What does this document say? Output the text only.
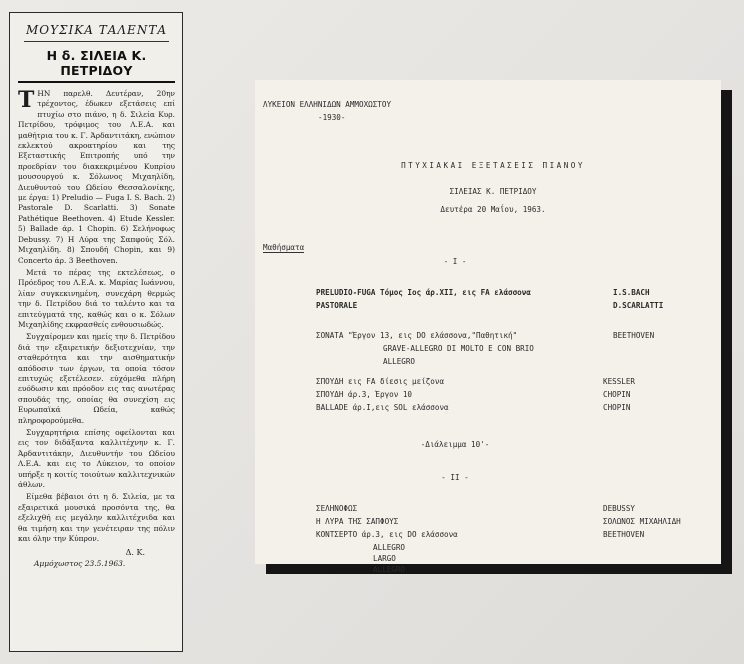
ΜΟΥΣΙΚΑ ΤΑΛΕΝΤΑ
Η δ. ΣΙΛΕΙΑ Κ. ΠΕΤΡΙΔΟΥ

ΤΗΝ παρελθ. Δευτέραν, 20ην τρέχοντος, έδωκεν εξετάσεις επί πτυχίω στο πιάνο, η δ. Σιλεία Κυρ. Πετρίδου, τρόφιμος του Λ.Ε.Α. και μαθήτρια του κ. Γ. Άρδαντιτάκη, ενώπιον εκλεκτού ακροατηρίου και της Εξεταστικής Επιτροπής υπό την προεδρίαν του διακεκριμένου Κυπρίου μουσουργού κ. Σόλωνος Μιχαηλίδη, Διευθυντού του Ωδείου Θεσσαλονίκης, με έργα: 1) Preludio — Fuga I. S. Bach. 2) Pastorale D. Scarlatti. 3) Sonate Pathétique Beethoven. 4) Etude Kessler. 5) Ballade άρ. 1 Chopin. 6) Σελήνοφως Debussy. 7) Η Λύρα της Σαπφούς Σόλ. Μιχαηλίδη. 8) Σπουδή Chopin, και 9) Concerto άρ. 3 Beethoven.

Μετά το πέρας της εκτελέσεως, ο Πρόεδρος του Λ.Ε.Α. κ. Μαρίας Ιωάννου, λίαν συγκεκινημένη, συνεχάρη θερμώς την δ. Πετρίδου διά το ταλέντο και τα επιτεύγματά της, καθώς και ο κ. Σόλων Μιχαηλίδης εκφρασθείς ενθουσιωδώς.

Συγχαίρομεν και ημείς την δ. Πετρίδου διά την εξαιρετικήν δεξιοτεχνίαν, την σταθερότητα και την αισθηματικήν απόδοσιν των έργων, τα οποία τόσον επιτυχώς εξετέλεσεν. εύχόμεθα πλήρη ευόδωσιν και πρόοδον εις τας ανωτέρας σπουδάς της, οποίας θα συνεχίση εις Ευρωπαϊκά Ωδεία, καθώς πληροφορούμεθα.

Συγχαρητήρια επίσης οφείλονται και εις τον διδάξαντα καλλιτέχνην κ. Γ. Άρδαντιτάκην, Διευθυντήν του Ωδείου Λ.Ε.Α. και εις το Λύκειον, το οποίον υπήρξε η κοιτίς τοιούτων καλλιτεχνικών άθλων.

Είμεθα βέβαιοι ότι η δ. Σιλεία, με τα εξαιρετικά μουσικά προσόντα της, θα εξελιχθή εις μεγάλην καλλιτέχνιδα και θα τιμήση και την γενέτειραν της πόλιν και όλην την Κύπρον.

Δ. Κ.
Αμμόχωστος 23.5.1963.
ΛΥΚΕΙΟΝ ΕΛΛΗΝΙΔΩΝ ΑΜΜΟΧΩΣΤΟΥ
-1930-
ΠΤΥΧΙΑΚΑΙ ΕΞΕΤΑΣΕΙΣ ΠΙΑΝΟΥ
ΣΙΛΕΙΑΣ Κ. ΠΕΤΡΙΔΟΥ
Δευτέρα 20 Μαΐου, 1963.
Μαθήσματα
- I -
PRELUDIO-FUGA Τόμος Ιος άρ.XII, εις FA ελάσσονα	I.S.BACH
PASTORALE	D.SCARLATTI
ΣΟΝΑΤΑ "Έργον 13, εις DO ελάσσονα,"Παθητική"	BEETHOVEN
GRAVE-ALLEGRO DI MOLTO E CON BRIO
ALLEGRO
ΣΠΟΥΔΗ εις FA δίεσις μείζονα	KESSLER
ΣΠΟΥΔΗ άρ.3, Έργον 10	CHOPIN
BALLADE άρ.I,εις SOL ελάσσονα	CHOPIN
-Διάλειμμα 10'-
- II -
ΣΕΛΗΝΟΦΩΣ	DEBUSSY
Η ΛΥΡΑ ΤΗΣ ΣΑΠΦΟΥΣ	ΣΟΛΩΝΟΣ ΜΙΧΑΗΛΙΔΗ
ΚΟΝΤΣΕΡΤΟ άρ.3, εις DO ελάσσονα	BEETHOVEN
ALLEGRO
LARGO
ALLEGRO
